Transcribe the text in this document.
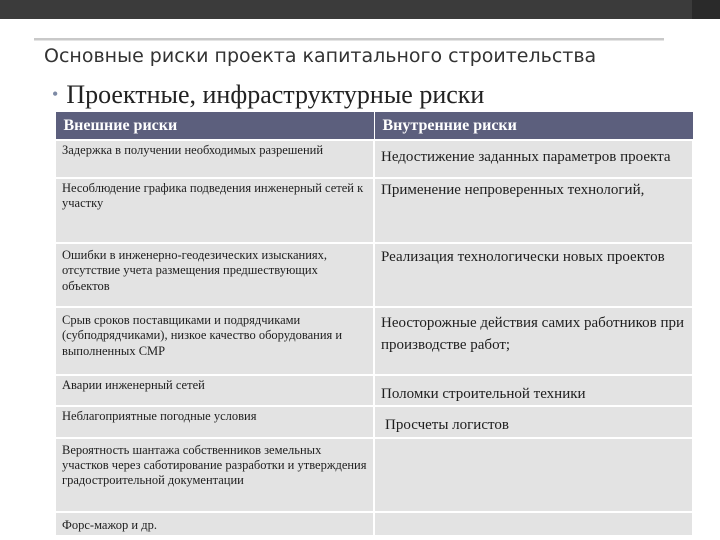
Основные риски проекта капитального строительства
• Проектные, инфраструктурные риски
Внешние риски	Внутренние риски
Задержка в получении необходимых разрешений	Недостижение заданных параметров проекта
Несоблюдение графика подведения инженерный сетей к участку	Применение непроверенных технологий,
Ошибки в инженерно-геодезических изысканиях, отсутствие учета размещения предшествующих объектов	Реализация технологически новых проектов
Срыв сроков поставщиками и подрядчиками (субподрядчиками), низкое качество оборудования и выполненных СМР	Неосторожные действия самих работников при производстве работ;
Аварии инженерный сетей	Поломки строительной техники
Неблагоприятные погодные условия	Просчеты логистов
Вероятность шантажа собственников земельных участков через саботирование разработки и утверждения градостроительной документации	
Форс-мажор и др.	
